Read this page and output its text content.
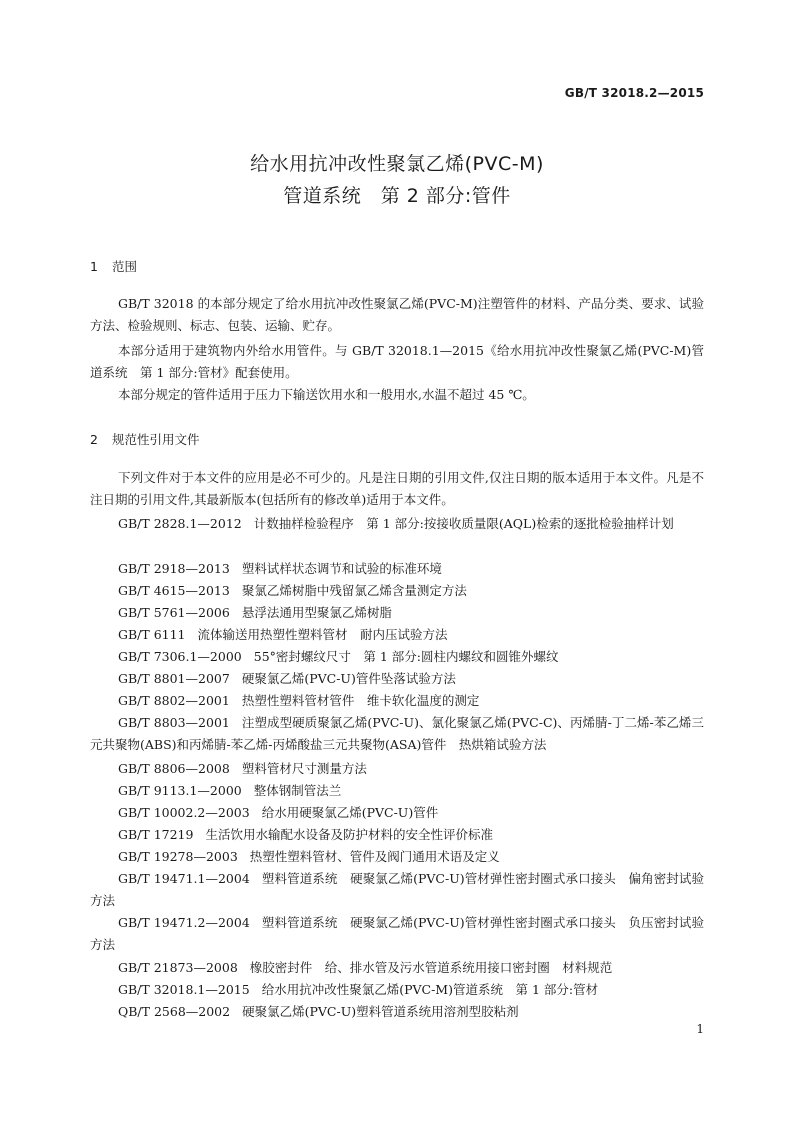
GB/T 32018.2—2015
给水用抗冲改性聚氯乙烯(PVC-M)
管道系统　第 2 部分:管件
1 范围
GB/T 32018 的本部分规定了给水用抗冲改性聚氯乙烯(PVC-M)注塑管件的材料、产品分类、要求、试验方法、检验规则、标志、包装、运输、贮存。
本部分适用于建筑物内外给水用管件。与 GB/T 32018.1—2015《给水用抗冲改性聚氯乙烯(PVC-M)管道系统　第 1 部分:管材》配套使用。
本部分规定的管件适用于压力下输送饮用水和一般用水,水温不超过 45 ℃。
2 规范性引用文件
下列文件对于本文件的应用是必不可少的。凡是注日期的引用文件,仅注日期的版本适用于本文件。凡是不注日期的引用文件,其最新版本(包括所有的修改单)适用于本文件。
GB/T 2828.1—2012 计数抽样检验程序　第 1 部分:按接收质量限(AQL)检索的逐批检验抽样计划
GB/T 2918—2013 塑料试样状态调节和试验的标准环境
GB/T 4615—2013 聚氯乙烯树脂中残留氯乙烯含量测定方法
GB/T 5761—2006 悬浮法通用型聚氯乙烯树脂
GB/T 6111 流体输送用热塑性塑料管材　耐内压试验方法
GB/T 7306.1—2000 55°密封螺纹尺寸　第 1 部分:圆柱内螺纹和圆锥外螺纹
GB/T 8801—2007 硬聚氯乙烯(PVC-U)管件坠落试验方法
GB/T 8802—2001 热塑性塑料管材管件　维卡软化温度的测定
GB/T 8803—2001 注塑成型硬质聚氯乙烯(PVC-U)、氯化聚氯乙烯(PVC-C)、丙烯腈-丁二烯-苯乙烯三元共聚物(ABS)和丙烯腈-苯乙烯-丙烯酸盐三元共聚物(ASA)管件　热烘箱试验方法
GB/T 8806—2008 塑料管材尺寸测量方法
GB/T 9113.1—2000 整体钢制管法兰
GB/T 10002.2—2003 给水用硬聚氯乙烯(PVC-U)管件
GB/T 17219 生活饮用水输配水设备及防护材料的安全性评价标准
GB/T 19278—2003 热塑性塑料管材、管件及阀门通用术语及定义
GB/T 19471.1—2004 塑料管道系统　硬聚氯乙烯(PVC-U)管材弹性密封圈式承口接头　偏角密封试验方法
GB/T 19471.2—2004 塑料管道系统　硬聚氯乙烯(PVC-U)管材弹性密封圈式承口接头　负压密封试验方法
GB/T 21873—2008 橡胶密封件　给、排水管及污水管道系统用接口密封圈　材料规范
GB/T 32018.1—2015 给水用抗冲改性聚氯乙烯(PVC-M)管道系统　第 1 部分:管材
QB/T 2568—2002 硬聚氯乙烯(PVC-U)塑料管道系统用溶剂型胶粘剂
1
